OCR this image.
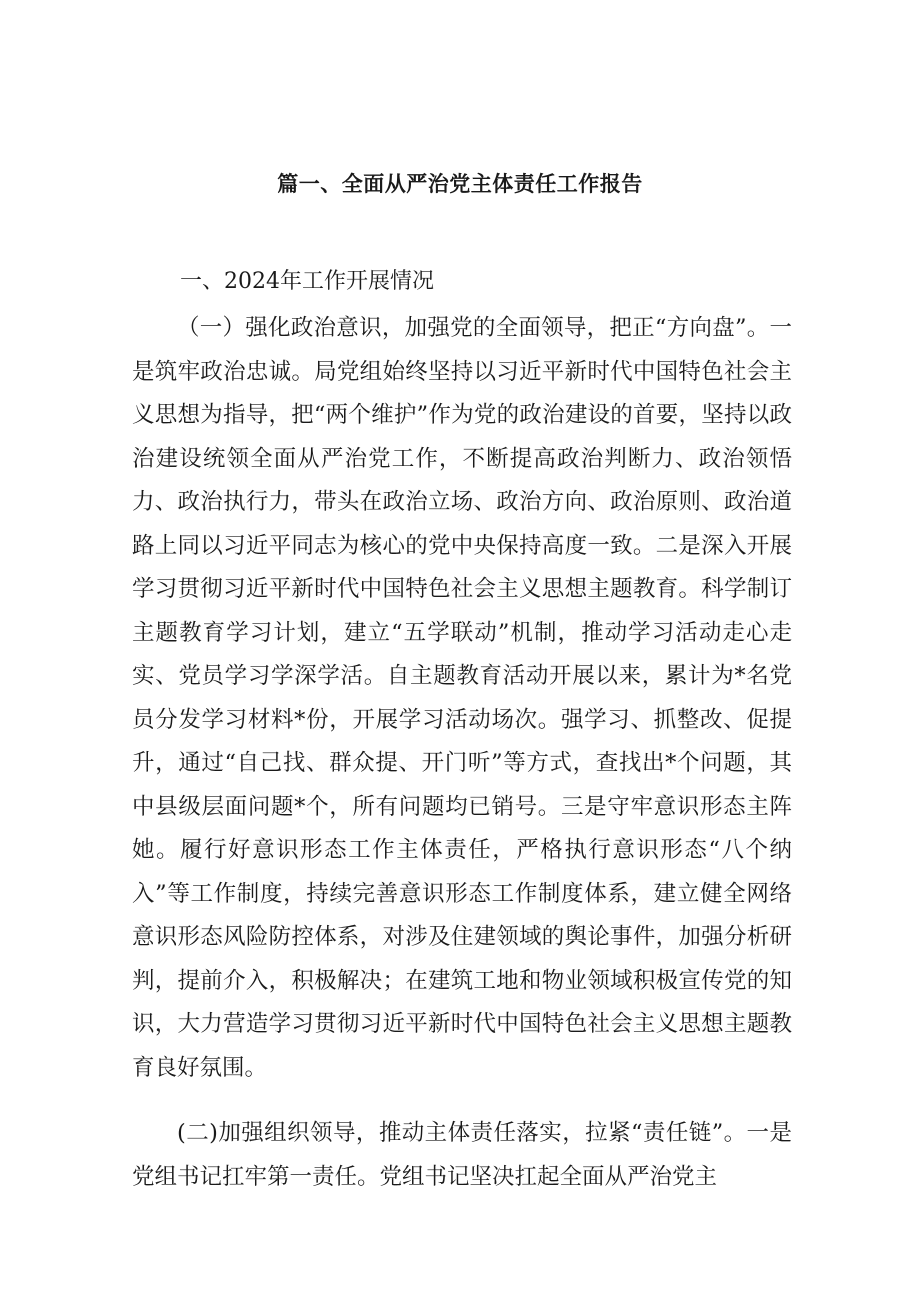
篇一、全面从严治党主体责任工作报告
一、2024年工作开展情况

（一）强化政治意识，加强党的全面领导，把正“方向盘”。一是筑牢政治忠诚。局党组始终坚持以习近平新时代中国特色社会主义思想为指导，把“两个维护”作为党的政治建设的首要，坚持以政治建设统领全面从严治党工作，不断提高政治判断力、政治领悟力、政治执行力，带头在政治立场、政治方向、政治原则、政治道路上同以习近平同志为核心的党中央保持高度一致。二是深入开展学习贯彻习近平新时代中国特色社会主义思想主题教育。科学制订主题教育学习计划，建立“五学联动”机制，推动学习活动走心走实、党员学习学深学活。自主题教育活动开展以来，累计为*名党员分发学习材料*份，开展学习活动场次。强学习、抓整改、促提升，通过“自己找、群众提、开门听”等方式，查找出*个问题，其中县级层面问题*个，所有问题均已销号。三是守牢意识形态主阵她。履行好意识形态工作主体责任，严格执行意识形态“八个纳入”等工作制度，持续完善意识形态工作制度体系，建立健全网络意识形态风险防控体系，对涉及住建领域的舆论事件，加强分析研判，提前介入，积极解决；在建筑工地和物业领域积极宣传党的知识，大力营造学习贯彻习近平新时代中国特色社会主义思想主题教育良好氛围。

(二)加强组织领导，推动主体责任落实，拉紧“责任链”。一是党组书记扛牢第一责任。党组书记坚决扛起全面从严治党主
